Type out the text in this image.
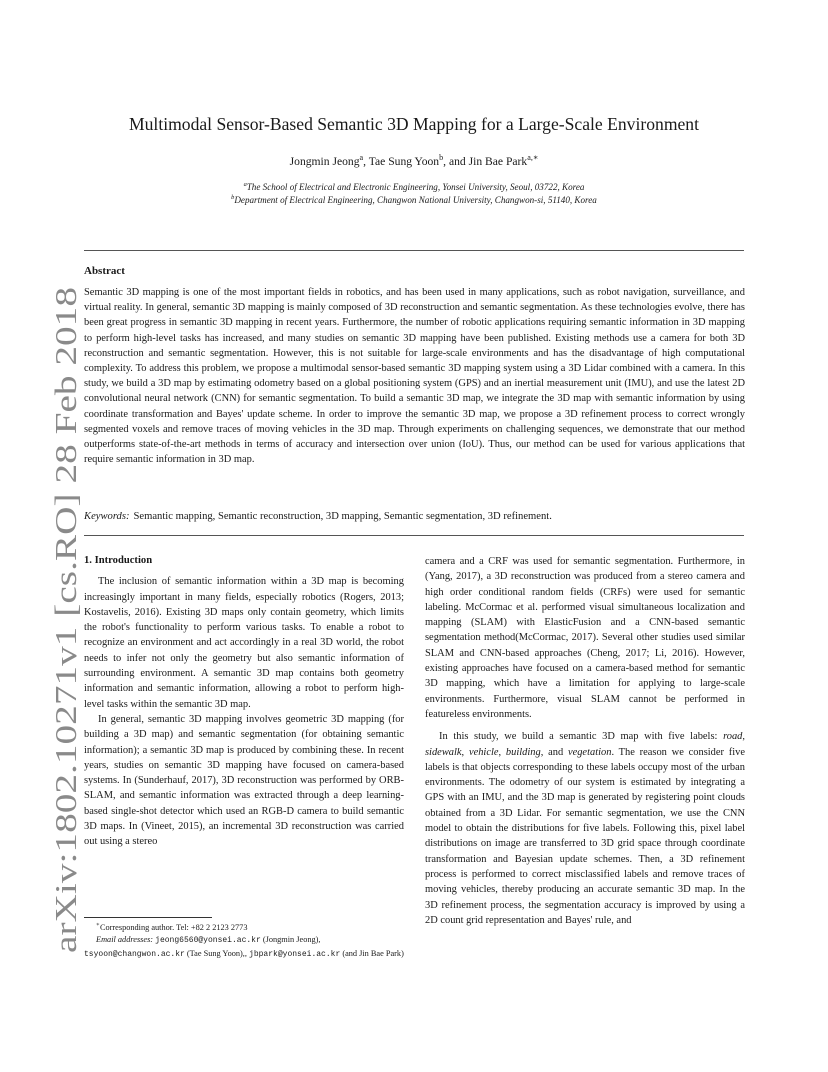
arXiv:1802.10271v1 [cs.RO] 28 Feb 2018
Multimodal Sensor-Based Semantic 3D Mapping for a Large-Scale Environment
Jongmin Jeong$^a$, Tae Sung Yoon$^b$, and Jin Bae Park$^{a,∗}$
$^a$The School of Electrical and Electronic Engineering, Yonsei University, Seoul, 03722, Korea
$^b$Department of Electrical Engineering, Changwon National University, Changwon-si, 51140, Korea
Abstract
Semantic 3D mapping is one of the most important fields in robotics, and has been used in many applications, such as robot navigation, surveillance, and virtual reality. In general, semantic 3D mapping is mainly composed of 3D reconstruction and semantic segmentation. As these technologies evolve, there has been great progress in semantic 3D mapping in recent years. Furthermore, the number of robotic applications requiring semantic information in 3D mapping to perform high-level tasks has increased, and many studies on semantic 3D mapping have been published. Existing methods use a camera for both 3D reconstruction and semantic segmentation. However, this is not suitable for large-scale environments and has the disadvantage of high computational complexity. To address this problem, we propose a multimodal sensor-based semantic 3D mapping system using a 3D Lidar combined with a camera. In this study, we build a 3D map by estimating odometry based on a global positioning system (GPS) and an inertial measurement unit (IMU), and use the latest 2D convolutional neural network (CNN) for semantic segmentation. To build a semantic 3D map, we integrate the 3D map with semantic information by using coordinate transformation and Bayes' update scheme. In order to improve the semantic 3D map, we propose a 3D refinement process to correct wrongly segmented voxels and remove traces of moving vehicles in the 3D map. Through experiments on challenging sequences, we demonstrate that our method outperforms state-of-the-art methods in terms of accuracy and intersection over union (IoU). Thus, our method can be used for various applications that require semantic information in 3D map.
Keywords: Semantic mapping, Semantic reconstruction, 3D mapping, Semantic segmentation, 3D refinement.
1. Introduction

The inclusion of semantic information within a 3D map is becoming increasingly important in many fields, especially robotics (Rogers, 2013; Kostavelis, 2016). Existing 3D maps only contain geometry, which limits the robot's functionality to perform various tasks. To enable a robot to recognize an environment and act accordingly in a real 3D world, the robot needs to infer not only the geometry but also semantic information of surrounding environment. A semantic 3D map contains both geometry information and semantic information, allowing a robot to perform high-level tasks within the semantic 3D map.

In general, semantic 3D mapping involves geometric 3D mapping (for building a 3D map) and semantic segmentation (for obtaining semantic information); a semantic 3D map is produced by combining these. In recent years, studies on semantic 3D mapping have focused on camera-based systems. In (Sunderhauf, 2017), 3D reconstruction was performed by ORB-SLAM, and semantic information was extracted through a deep learning-based single-shot detector which used an RGB-D camera to build semantic 3D maps. In (Vineet, 2015), an incremental 3D reconstruction was carried out using a stereo

camera and a CRF was used for semantic segmentation. Furthermore, in (Yang, 2017), a 3D reconstruction was produced from a stereo camera and high order conditional random fields (CRFs) were used for semantic labeling. McCormac et al. performed visual simultaneous localization and mapping (SLAM) with ElasticFusion and a CNN-based semantic segmentation method(McCormac, 2017). Several other studies used similar SLAM and CNN-based approaches (Cheng, 2017; Li, 2016). However, existing approaches have focused on a camera-based method for semantic 3D mapping, which have a limitation for applying to large-scale environments. Furthermore, visual SLAM cannot be performed in featureless environments.

In this study, we build a semantic 3D map with five labels: road, sidewalk, vehicle, building, and vegetation. The reason we consider five labels is that objects corresponding to these labels occupy most of the urban environments. The odometry of our system is estimated by integrating a GPS with an IMU, and the 3D map is generated by registering point clouds obtained from a 3D Lidar. For semantic segmentation, we use the CNN model to obtain the distributions for five labels. Following this, pixel label distributions on image are transferred to 3D grid space through coordinate transformation and Bayesian update schemes. Then, a 3D refinement process is performed to correct misclassified labels and remove traces of moving vehicles, thereby producing an accurate semantic 3D map. In the 3D refinement process, the segmentation accuracy is improved by using a 2D count grid representation and Bayes' rule, and

∗Corresponding author. Tel: +82 2 2123 2773
Email addresses: jeong6560@yonsei.ac.kr (Jongmin Jeong),
tsyoon@changwon.ac.kr (Tae Sung Yoon),, jbpark@yonsei.ac.kr (and Jin Bae Park)
